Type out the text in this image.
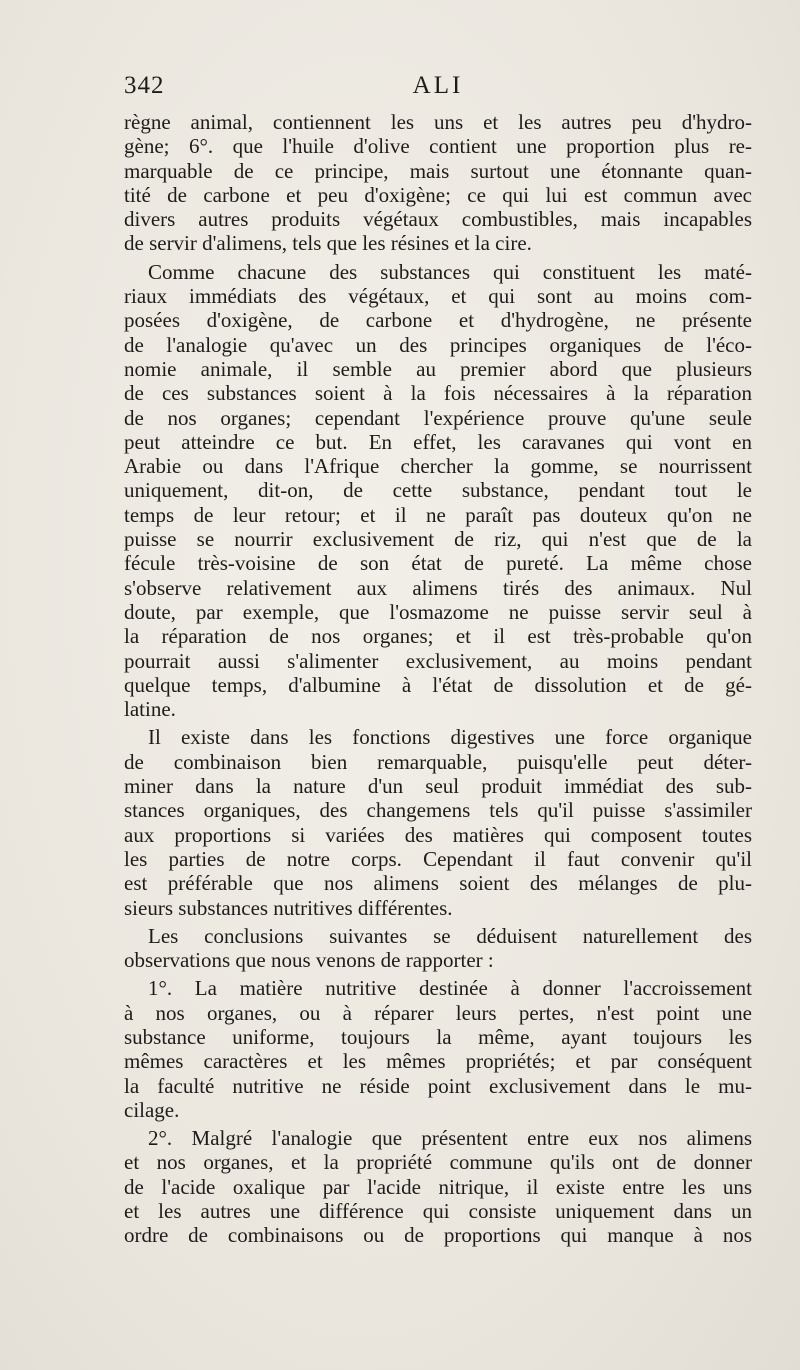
342	ALI
règne animal, contiennent les uns et les autres peu d'hydro-
gène; 6°. que l'huile d'olive contient une proportion plus re-
marquable de ce principe, mais surtout une étonnante quan-
tité de carbone et peu d'oxigène; ce qui lui est commun avec
divers autres produits végétaux combustibles, mais incapables
de servir d'alimens, tels que les résines et la cire.
Comme chacune des substances qui constituent les maté-
riaux immédiats des végétaux, et qui sont au moins com-
posées d'oxigène, de carbone et d'hydrogène, ne présente
de l'analogie qu'avec un des principes organiques de l'éco-
nomie animale, il semble au premier abord que plusieurs
de ces substances soient à la fois nécessaires à la réparation
de nos organes; cependant l'expérience prouve qu'une seule
peut atteindre ce but. En effet, les caravanes qui vont en
Arabie ou dans l'Afrique chercher la gomme, se nourrissent
uniquement, dit-on, de cette substance, pendant tout le
temps de leur retour; et il ne paraît pas douteux qu'on ne
puisse se nourrir exclusivement de riz, qui n'est que de la
fécule très-voisine de son état de pureté. La même chose
s'observe relativement aux alimens tirés des animaux. Nul
doute, par exemple, que l'osmazome ne puisse servir seul à
la réparation de nos organes; et il est très-probable qu'on
pourrait aussi s'alimenter exclusivement, au moins pendant
quelque temps, d'albumine à l'état de dissolution et de gé-
latine.
Il existe dans les fonctions digestives une force organique
de combinaison bien remarquable, puisqu'elle peut déter-
miner dans la nature d'un seul produit immédiat des sub-
stances organiques, des changemens tels qu'il puisse s'assimiler
aux proportions si variées des matières qui composent toutes
les parties de notre corps. Cependant il faut convenir qu'il
est préférable que nos alimens soient des mélanges de plu-
sieurs substances nutritives différentes.
Les conclusions suivantes se déduisent naturellement des
observations que nous venons de rapporter :
1°. La matière nutritive destinée à donner l'accroissement
à nos organes, ou à réparer leurs pertes, n'est point une
substance uniforme, toujours la même, ayant toujours les
mêmes caractères et les mêmes propriétés; et par conséquent
la faculté nutritive ne réside point exclusivement dans le mu-
cilage.
2°. Malgré l'analogie que présentent entre eux nos alimens
et nos organes, et la propriété commune qu'ils ont de donner
de l'acide oxalique par l'acide nitrique, il existe entre les uns
et les autres une différence qui consiste uniquement dans un
ordre de combinaisons ou de proportions qui manque à nos
